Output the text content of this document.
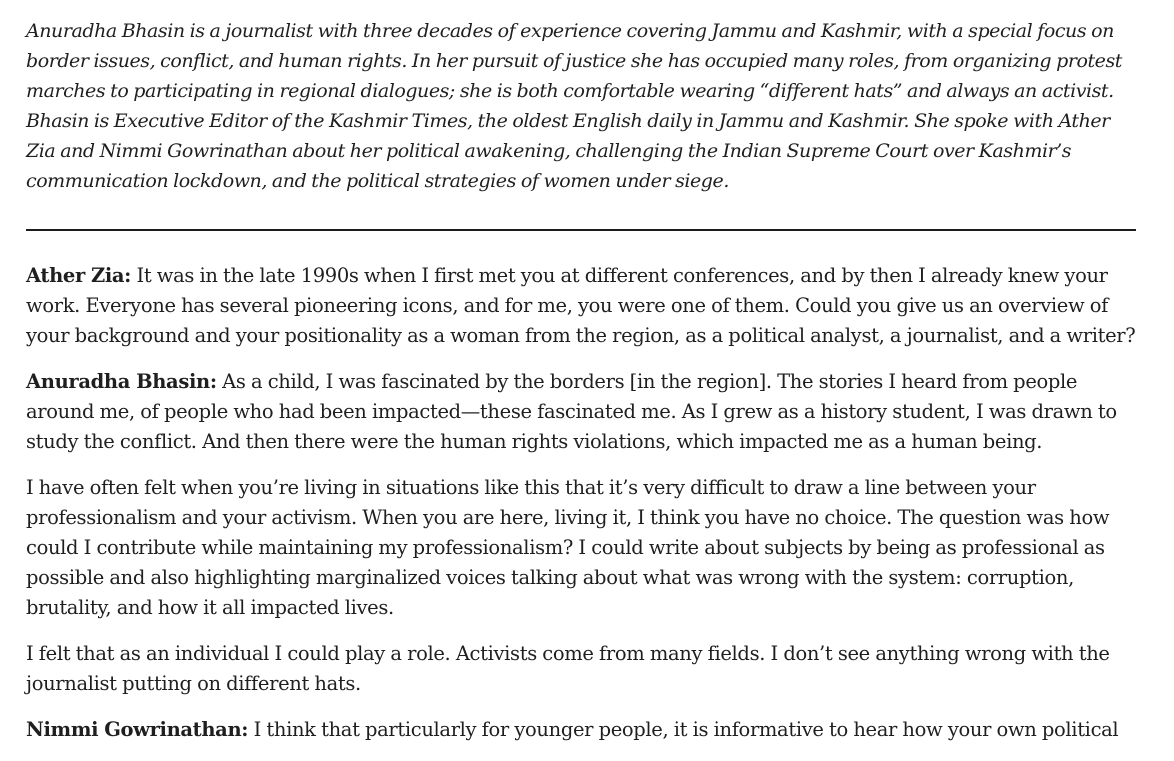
Anuradha Bhasin is a journalist with three decades of experience covering Jammu and Kashmir, with a special focus on border issues, conflict, and human rights. In her pursuit of justice she has occupied many roles, from organizing protest marches to participating in regional dialogues; she is both comfortable wearing “different hats” and always an activist. Bhasin is Executive Editor of the Kashmir Times, the oldest English daily in Jammu and Kashmir. She spoke with Ather Zia and Nimmi Gowrinathan about her political awakening, challenging the Indian Supreme Court over Kashmir’s communication lockdown, and the political strategies of women under siege.

Ather Zia: It was in the late 1990s when I first met you at different conferences, and by then I already knew your work. Everyone has several pioneering icons, and for me, you were one of them. Could you give us an overview of your background and your positionality as a woman from the region, as a political analyst, a journalist, and a writer?

Anuradha Bhasin: As a child, I was fascinated by the borders [in the region]. The stories I heard from people around me, of people who had been impacted—these fascinated me. As I grew as a history student, I was drawn to study the conflict. And then there were the human rights violations, which impacted me as a human being.

I have often felt when you’re living in situations like this that it’s very difficult to draw a line between your professionalism and your activism. When you are here, living it, I think you have no choice. The question was how could I contribute while maintaining my professionalism? I could write about subjects by being as professional as possible and also highlighting marginalized voices talking about what was wrong with the system: corruption, brutality, and how it all impacted lives.

I felt that as an individual I could play a role. Activists come from many fields. I don’t see anything wrong with the journalist putting on different hats.

Nimmi Gowrinathan: I think that particularly for younger people, it is informative to hear how your own political
